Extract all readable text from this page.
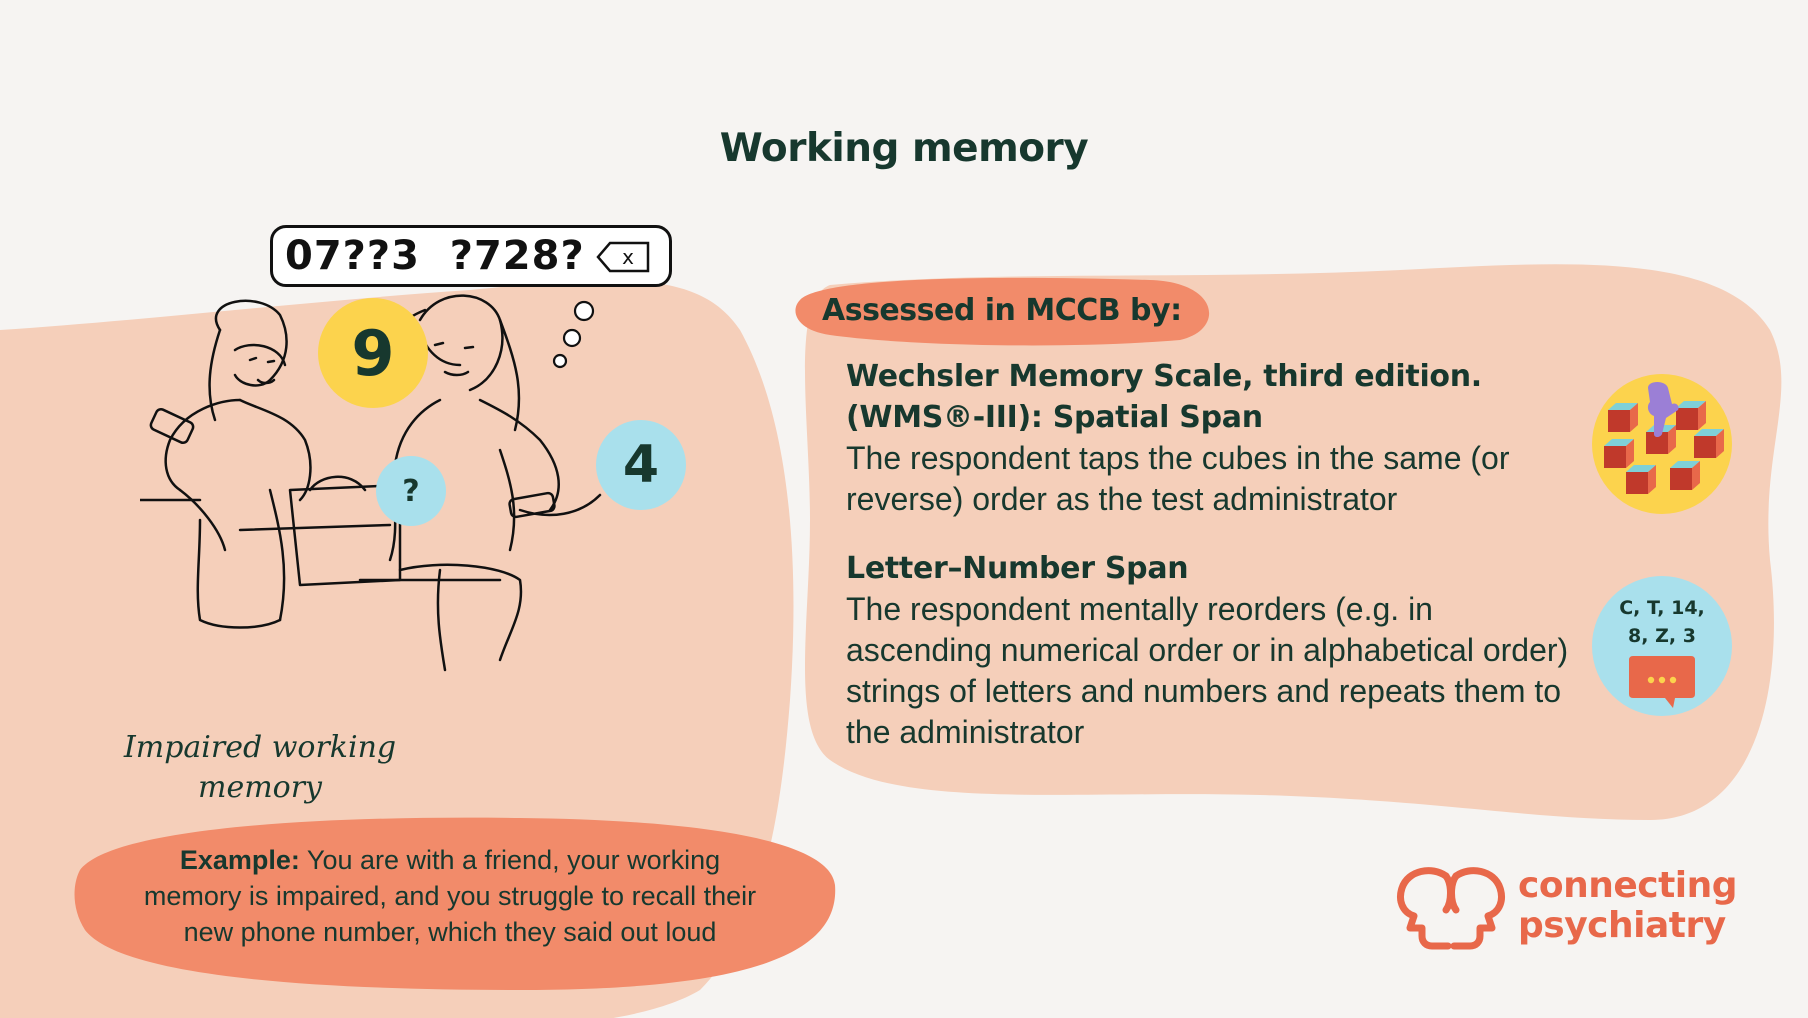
Working memory
07??3  ?728? x
9
?	4
Impaired working
memory
Example: You are with a friend, your working memory is impaired, and you struggle to recall their new phone number, which they said out loud
Assessed in MCCB by:
Wechsler Memory Scale, third edition.
(WMS®-III): Spatial Span
The respondent taps the cubes in the same (or reverse) order as the test administrator
Letter–Number Span
The respondent mentally reorders (e.g. in ascending numerical order or in alphabetical order) strings of letters and numbers and repeats them to the administrator
C, T, 14,
8, Z, 3
connecting
psychiatry
